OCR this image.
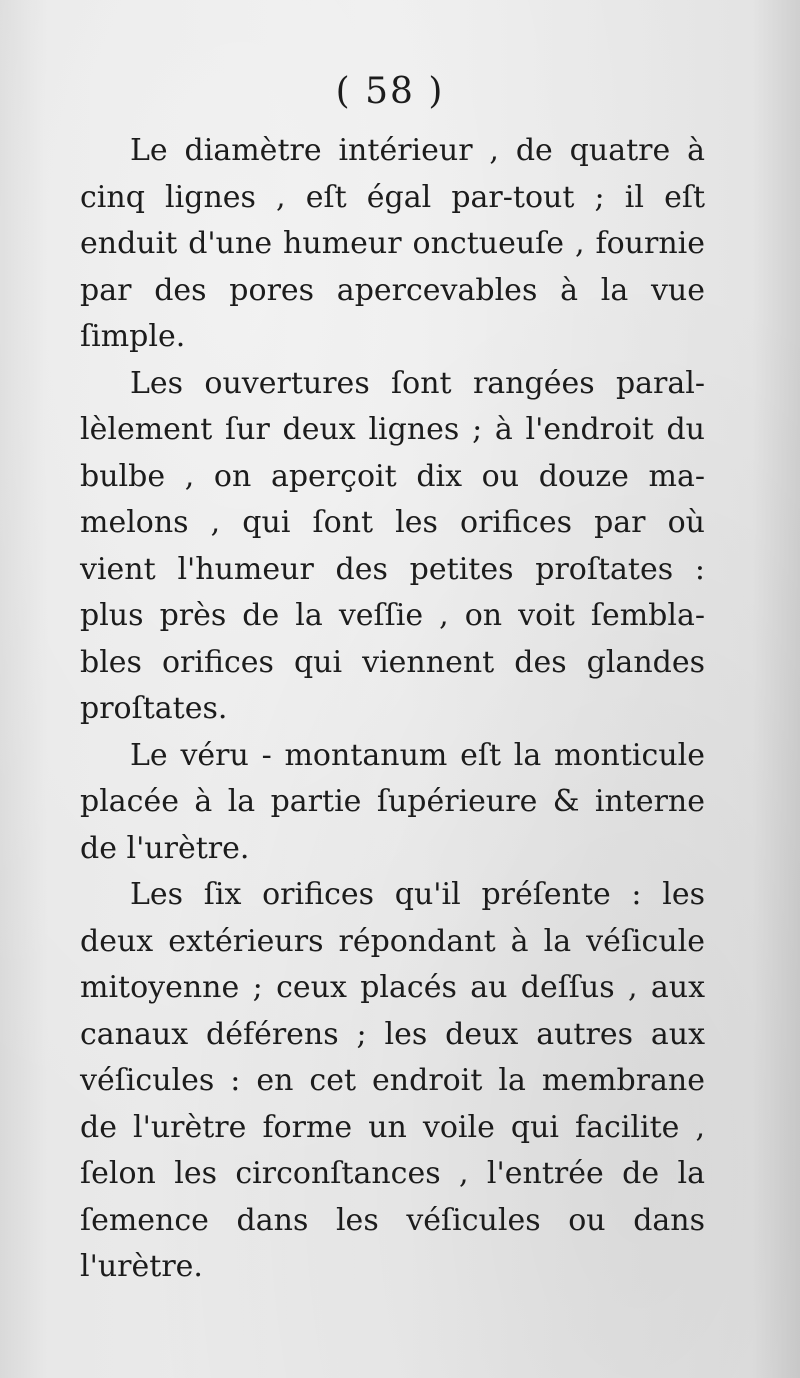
( 58 )

Le diamètre intérieur , de quatre à
cinq lignes , eſt égal par-tout ; il eſt
enduit d'une humeur onctueuſe , fournie
par des pores apercevables à la vue
ſimple.

Les ouvertures ſont rangées paral-
lèlement ſur deux lignes ; à l'endroit du
bulbe , on aperçoit dix ou douze ma-
melons , qui ſont les orifices par où
vient l'humeur des petites proſtates :
plus près de la veſſie , on voit ſembla-
bles orifices qui viennent des glandes
proſtates.

Le véru - montanum eſt la monticule
placée à la partie ſupérieure & interne
de l'urètre.

Les ſix orifices qu'il préſente : les
deux extérieurs répondant à la véſicule
mitoyenne ; ceux placés au deſſus , aux
canaux déférens ; les deux autres aux
véſicules : en cet endroit la membrane
de l'urètre forme un voile qui facilite ,
ſelon les circonſtances , l'entrée de la
ſemence dans les véſicules ou dans
l'urètre.
